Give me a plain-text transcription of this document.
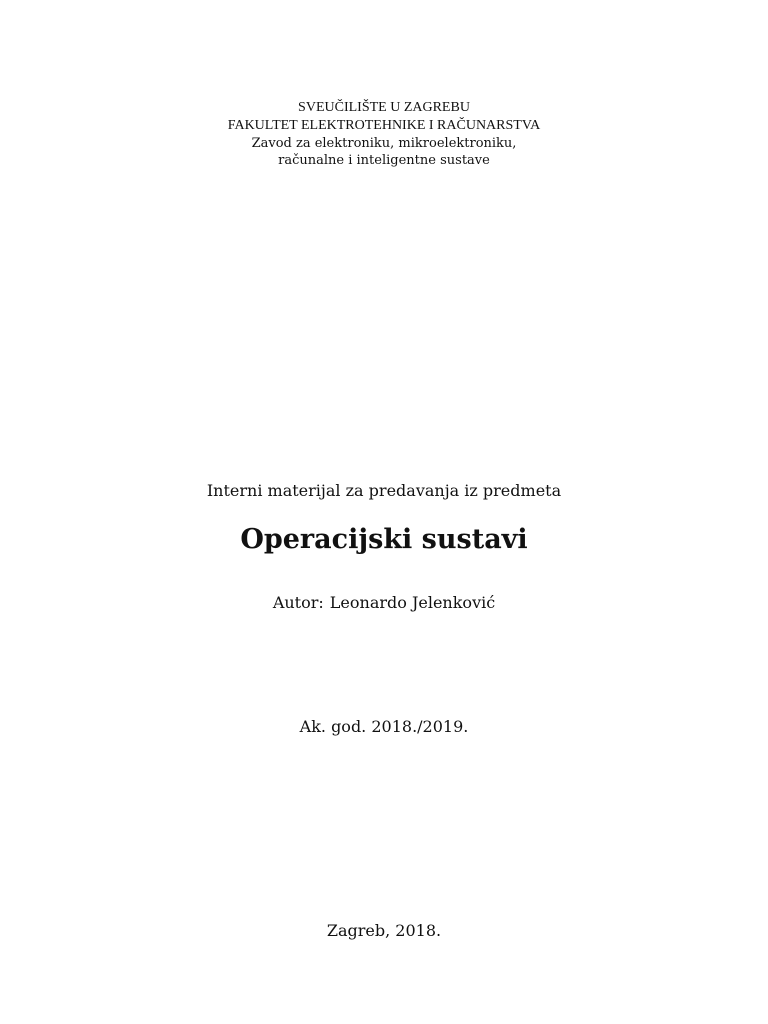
SVEUČILIŠTE U ZAGREBU
FAKULTET ELEKTROTEHNIKE I RAČUNARSTVA
Zavod za elektroniku, mikroelektroniku,
računalne i inteligentne sustave
Interni materijal za predavanja iz predmeta
Operacijski sustavi
Autor: Leonardo Jelenković
Ak. god. 2018./2019.
Zagreb, 2018.
